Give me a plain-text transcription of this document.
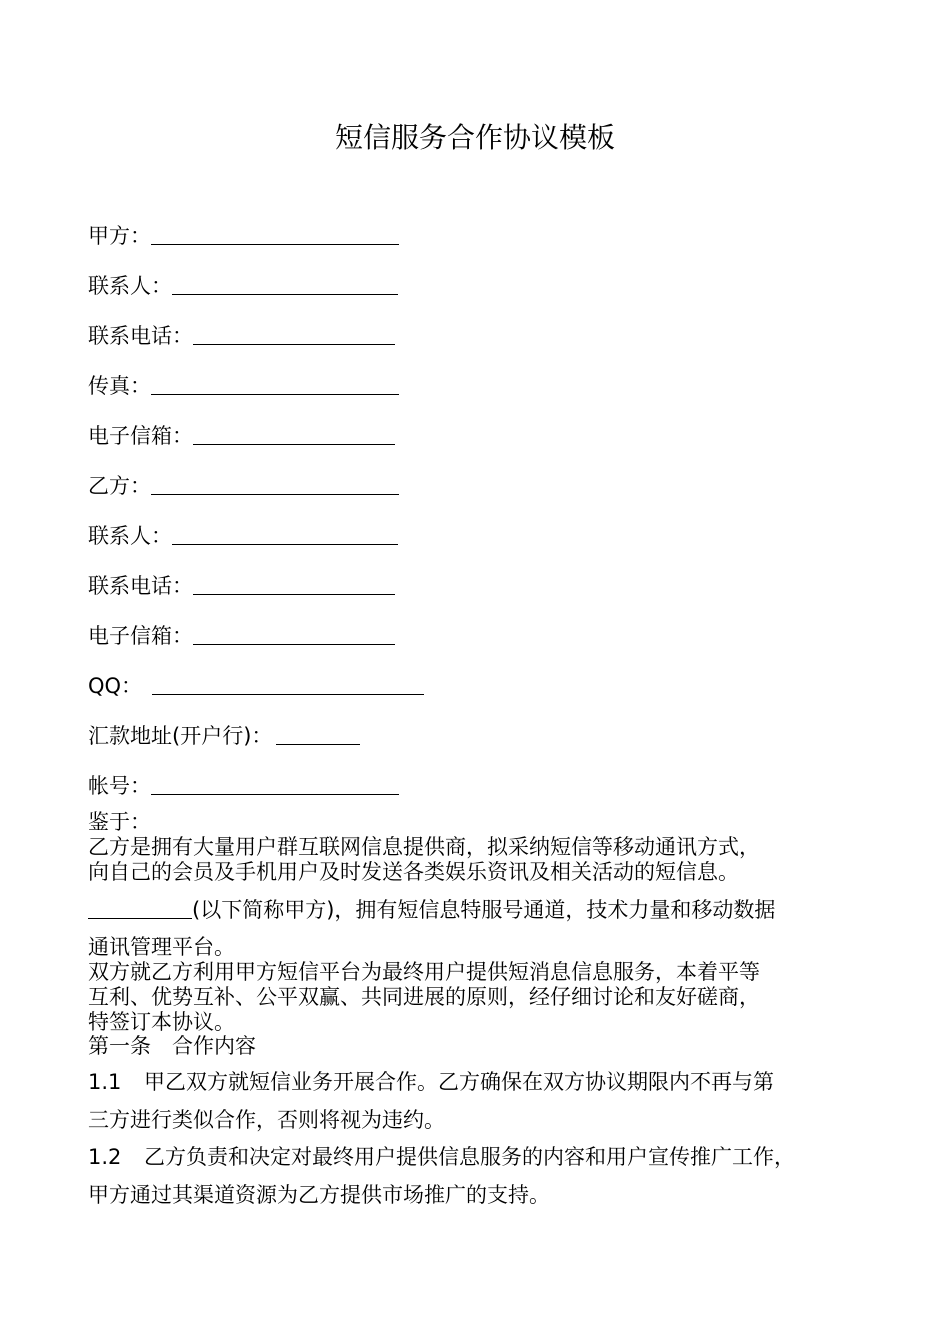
短信服务合作协议模板
甲方：
联系人：
联系电话：
传真：
电子信箱：
乙方：
联系人：
联系电话：
电子信箱：
QQ：
汇款地址(开户行)：
帐号：
鉴于：
乙方是拥有大量用户群互联网信息提供商，拟采纳短信等移动通讯方式，
向自己的会员及手机用户及时发送各类娱乐资讯及相关活动的短信息。
(以下简称甲方)，拥有短信息特服号通道，技术力量和移动数据
通讯管理平台。
双方就乙方利用甲方短信平台为最终用户提供短消息信息服务，本着平等
互利、优势互补、公平双赢、共同进展的原则，经仔细讨论和友好磋商，
特签订本协议。
第一条　合作内容
1.1 甲乙双方就短信业务开展合作。乙方确保在双方协议期限内不再与第
三方进行类似合作，否则将视为违约。
1.2 乙方负责和决定对最终用户提供信息服务的内容和用户宣传推广工作，
甲方通过其渠道资源为乙方提供市场推广的支持。
